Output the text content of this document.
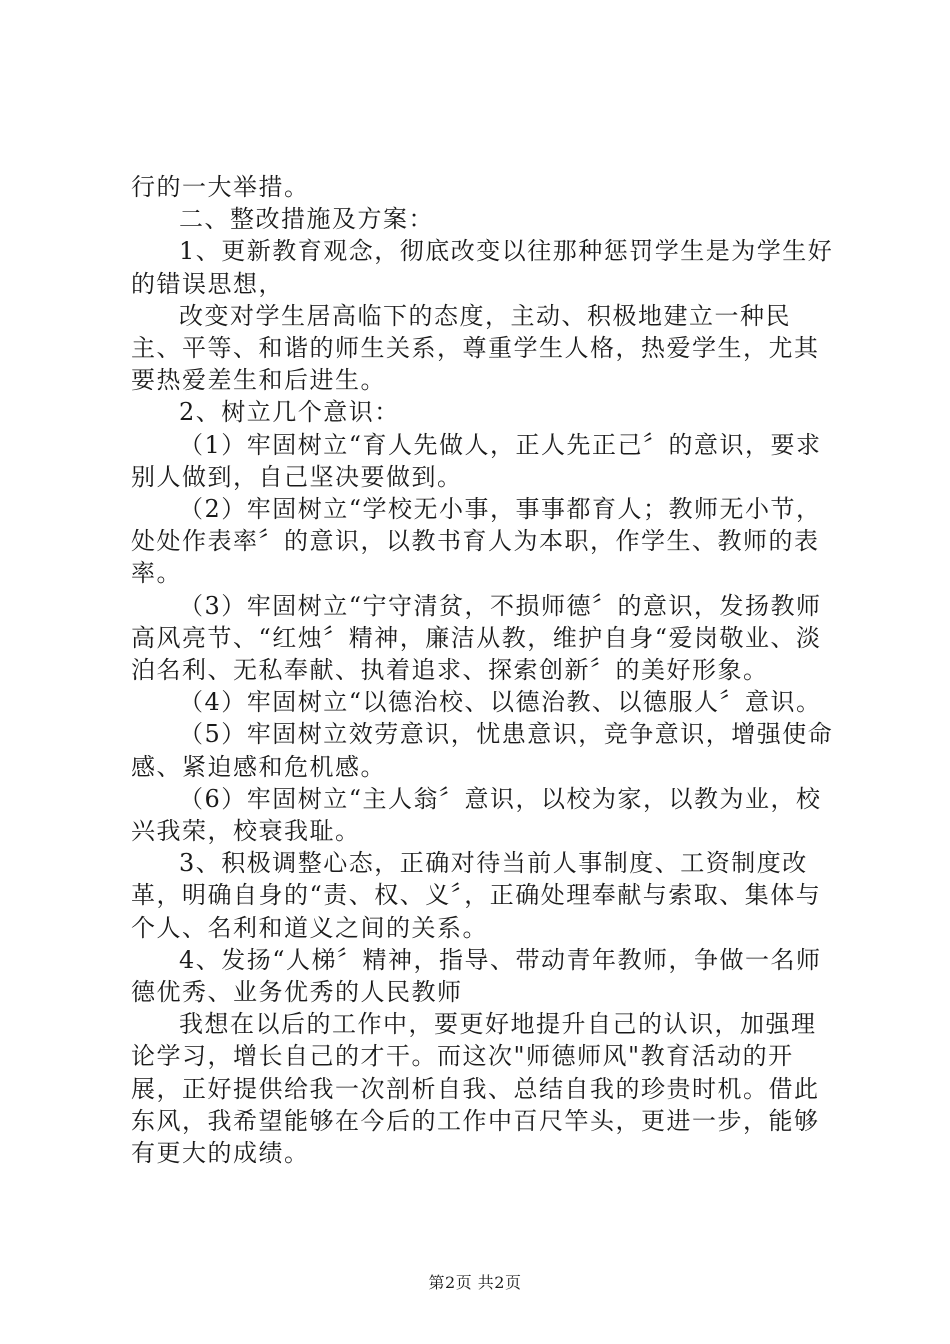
行的一大举措。

二、整改措施及方案：

1、更新教育观念，彻底改变以往那种惩罚学生是为学生好的错误思想，

改变对学生居高临下的态度，主动、积极地建立一种民主、平等、和谐的师生关系，尊重学生人格，热爱学生，尤其要热爱差生和后进生。

2、树立几个意识：

（1）牢固树立“育人先做人，正人先正己〞的意识，要求别人做到，自己坚决要做到。

（2）牢固树立“学校无小事，事事都育人；教师无小节，处处作表率〞的意识，以教书育人为本职，作学生、教师的表率。

（3）牢固树立“宁守清贫，不损师德〞的意识，发扬教师高风亮节、“红烛〞精神，廉洁从教，维护自身“爱岗敬业、淡泊名利、无私奉献、执着追求、探索创新〞的美好形象。

（4）牢固树立“以德治校、以德治教、以德服人〞意识。

（5）牢固树立效劳意识，忧患意识，竞争意识，增强使命感、紧迫感和危机感。

（6）牢固树立“主人翁〞意识，以校为家，以教为业，校兴我荣，校衰我耻。

3、积极调整心态，正确对待当前人事制度、工资制度改革，明确自身的“责、权、义〞，正确处理奉献与索取、集体与个人、名利和道义之间的关系。

4、发扬“人梯〞精神，指导、带动青年教师，争做一名师德优秀、业务优秀的人民教师

我想在以后的工作中，要更好地提升自己的认识，加强理论学习，增长自己的才干。而这次"师德师风"教育活动的开展，正好提供给我一次剖析自我、总结自我的珍贵时机。借此东风，我希望能够在今后的工作中百尺竿头，更进一步，能够有更大的成绩。

第2页 共2页
